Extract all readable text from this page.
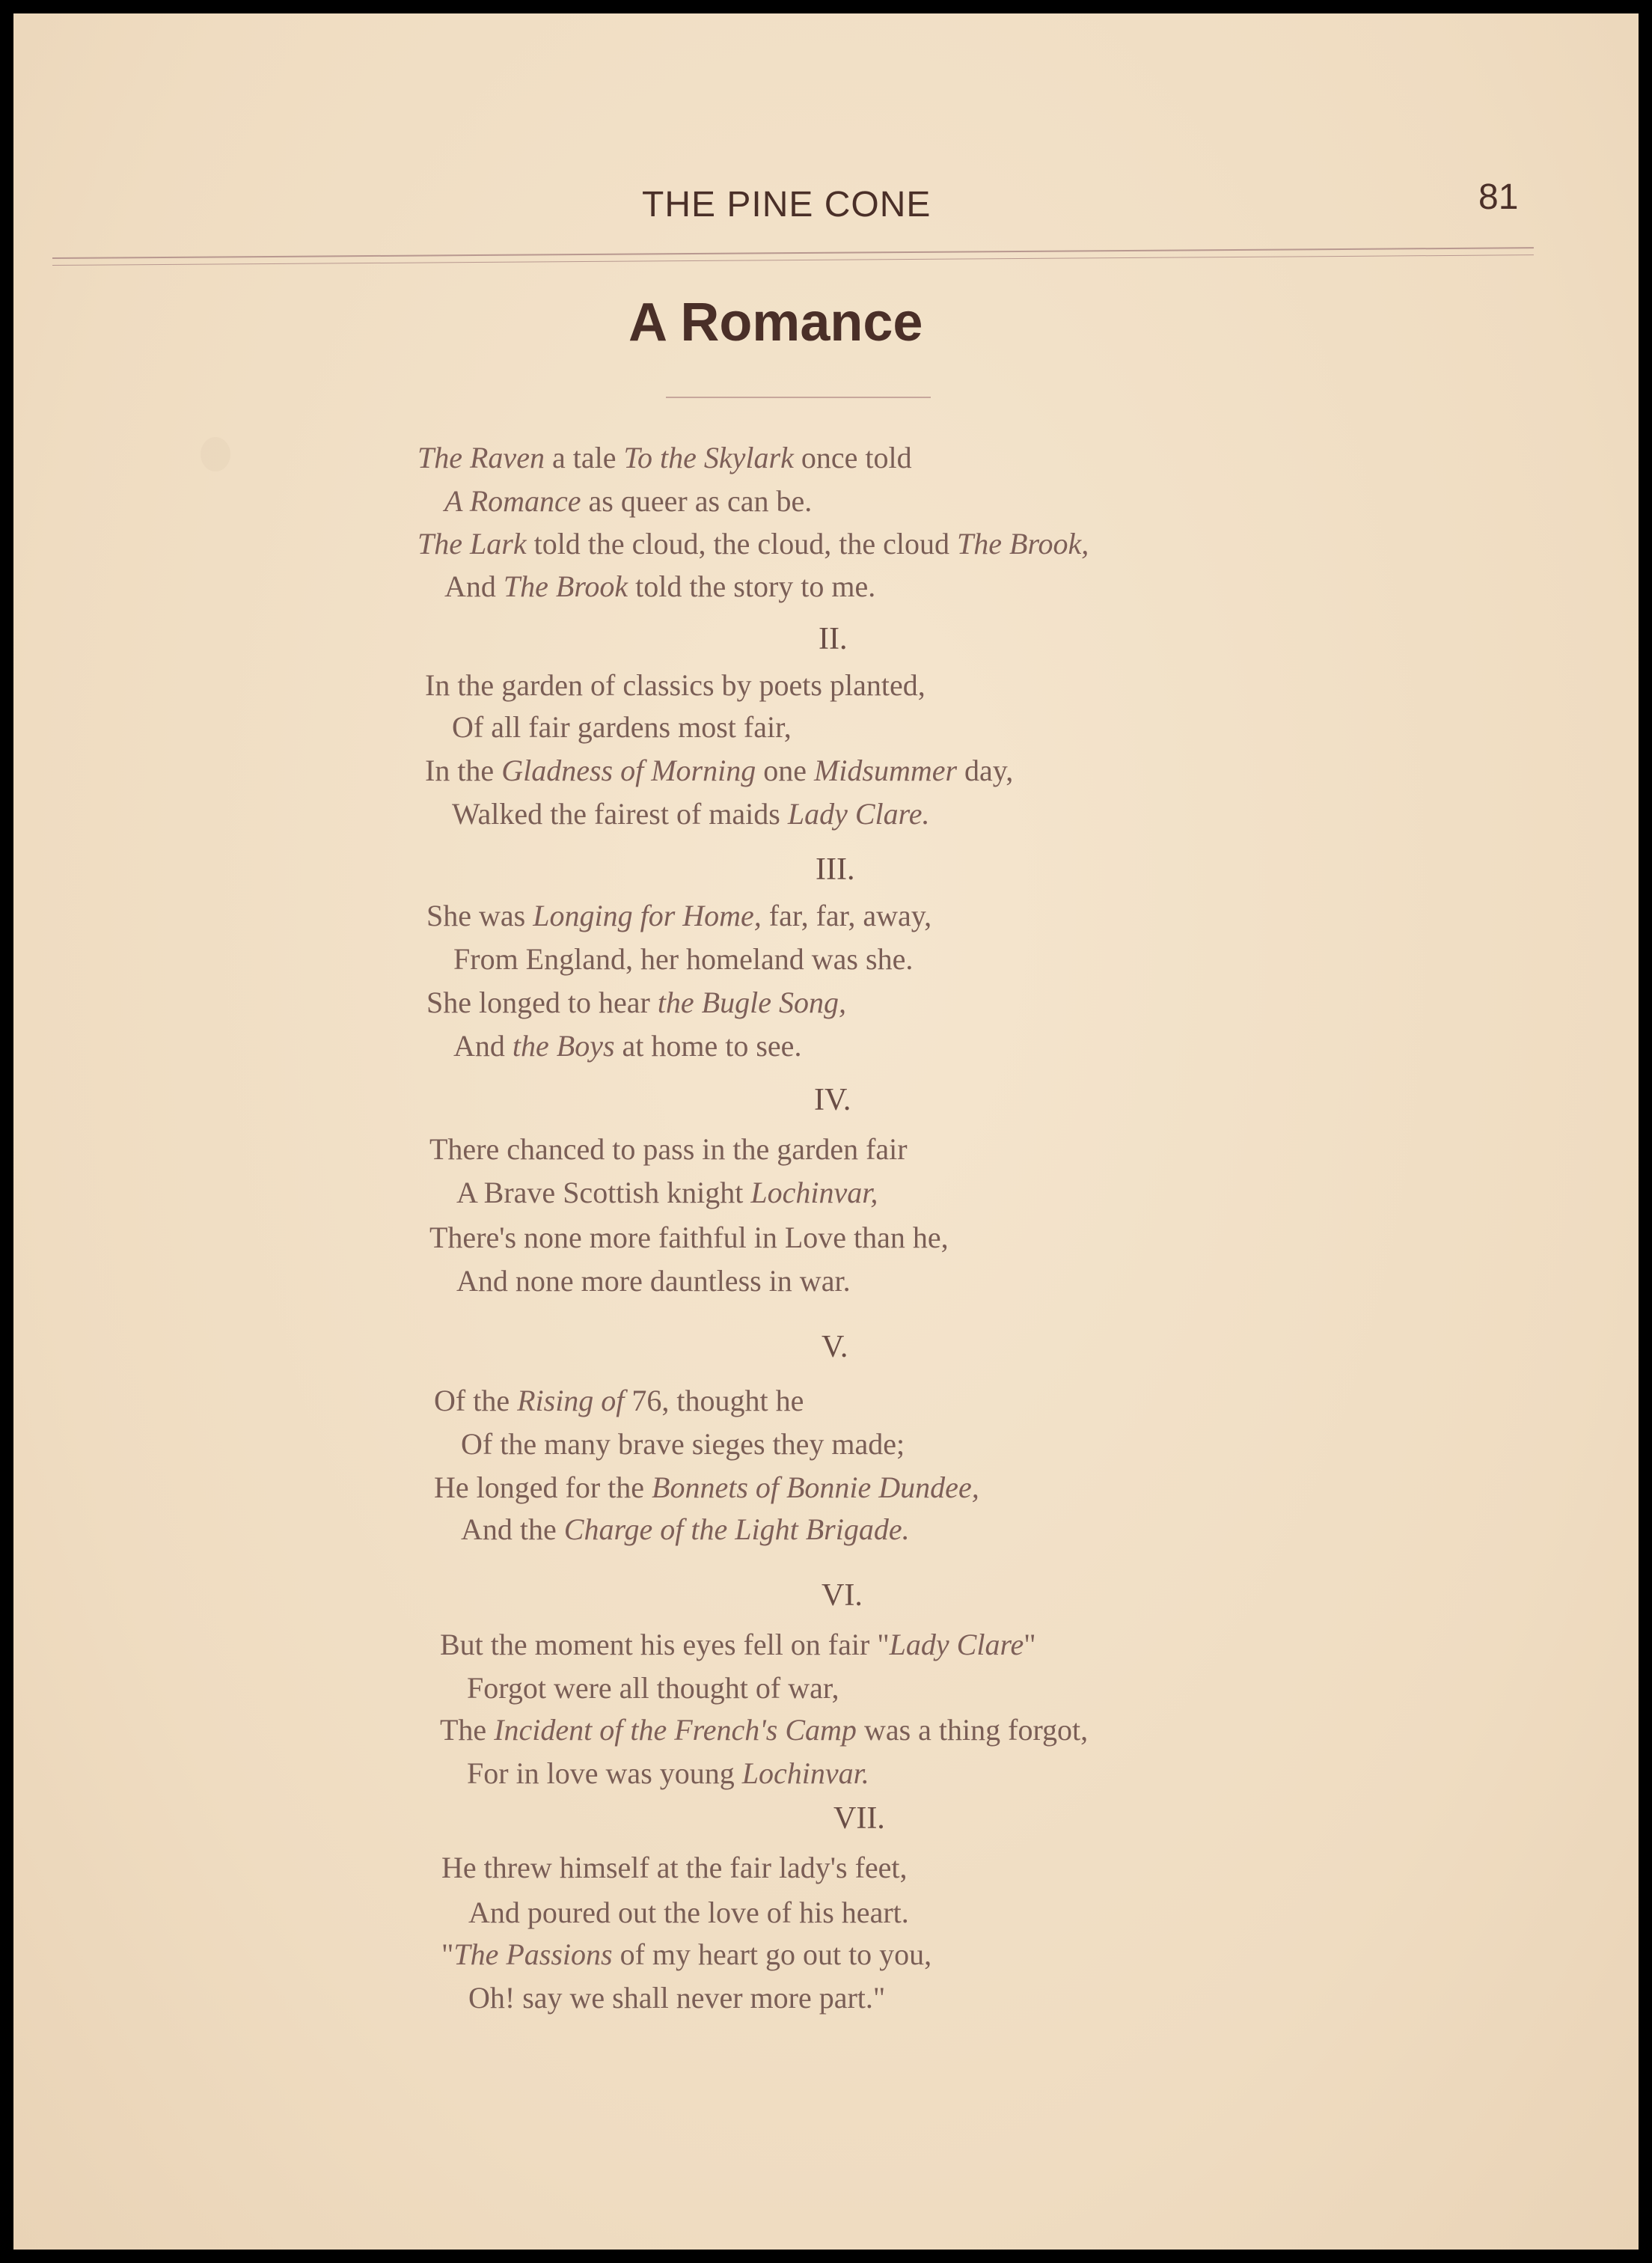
THE PINE CONE	81
A Romance
The Raven a tale To the Skylark once told
A Romance as queer as can be.
The Lark told the cloud, the cloud, the cloud The Brook,
And The Brook told the story to me.
II.
In the garden of classics by poets planted,
Of all fair gardens most fair,
In the Gladness of Morning one Midsummer day,
Walked the fairest of maids Lady Clare.
III.
She was Longing for Home, far, far, away,
From England, her homeland was she.
She longed to hear the Bugle Song,
And the Boys at home to see.
IV.
There chanced to pass in the garden fair
A Brave Scottish knight Lochinvar,
There's none more faithful in Love than he,
And none more dauntless in war.
V.
Of the Rising of 76, thought he
Of the many brave sieges they made;
He longed for the Bonnets of Bonnie Dundee,
And the Charge of the Light Brigade.
VI.
But the moment his eyes fell on fair "Lady Clare"
Forgot were all thought of war,
The Incident of the French's Camp was a thing forgot,
For in love was young Lochinvar.
VII.
He threw himself at the fair lady's feet,
And poured out the love of his heart.
"The Passions of my heart go out to you,
Oh! say we shall never more part."
